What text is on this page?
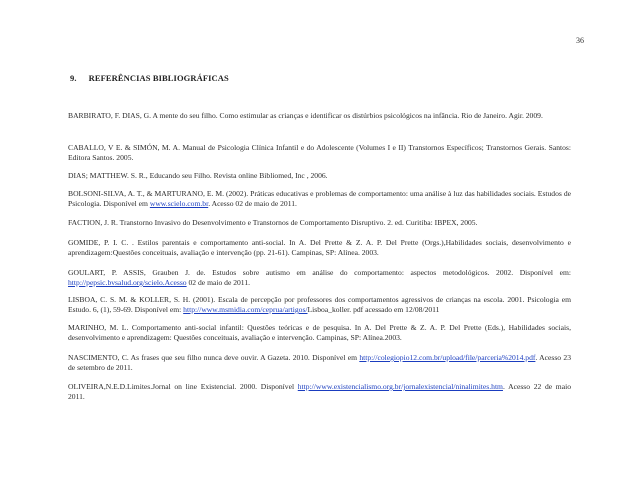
36
9. REFERÊNCIAS BIBLIOGRÁFICAS
BARBIRATO, F. DIAS, G. A mente do seu filho. Como estimular as crianças e identificar os distúrbios psicológicos na infância. Rio de Janeiro. Agir. 2009.
CABALLO, V E. & SIMÓN, M. A. Manual de Psicologia Clínica Infantil e do Adolescente (Volumes I e II) Transtornos Específicos; Transtornos Gerais. Santos: Editora Santos. 2005.
DIAS; MATTHEW. S. R., Educando seu Filho. Revista online Bibliomed, Inc , 2006.
BOLSONI-SILVA, A. T., & MARTURANO, E. M. (2002). Práticas educativas e problemas de comportamento: uma análise à luz das habilidades sociais. Estudos de Psicologia. Disponível em www.scielo.com.br. Acesso 02 de maio de 2011.
FACTION, J. R. Transtorno Invasivo do Desenvolvimento e Transtornos de Comportamento Disruptivo. 2. ed. Curitiba: IBPEX, 2005.
GOMIDE, P. I. C. . Estilos parentais e comportamento anti-social. In A. Del Prette & Z. A. P. Del Prette (Orgs.),Habilidades sociais, desenvolvimento e aprendizagem:Questões conceituais, avaliação e intervenção (pp. 21-61). Campinas, SP: Alínea. 2003.
GOULART, P. ASSIS, Grauben J. de. Estudos sobre autismo em análise do comportamento: aspectos metodológicos. 2002. Disponível em: http://pepsic.bvsalud.org/scielo.Acesso 02 de maio de 2011.
LISBOA, C. S. M. & KOLLER, S. H. (2001). Escala de percepção por professores dos comportamentos agressivos de crianças na escola. 2001. Psicologia em Estudo. 6, (1), 59-69. Disponível em: http://www.msmidia.com/ceprua/artigos/Lisboa_koller. pdf acessado em 12/08/2011
MARINHO, M. L. Comportamento anti-social infantil: Questões teóricas e de pesquisa. In A. Del Prette & Z. A. P. Del Prette (Eds.), Habilidades sociais, desenvolvimento e aprendizagem: Questões conceituais, avaliação e intervenção. Campinas, SP: Alínea.2003.
NASCIMENTO, C. As frases que seu filho nunca deve ouvir. A Gazeta. 2010. Disponível em http://colegiopio12.com.br/upload/file/parceria%2014.pdf. Acesso 23 de setembro de 2011.
OLIVEIRA,N.E.D.Limites.Jornal on line Existencial. 2000. Disponível http://www.existencialismo.org.br/jornalexistencial/ninalimites.htm. Acesso 22 de maio 2011.
